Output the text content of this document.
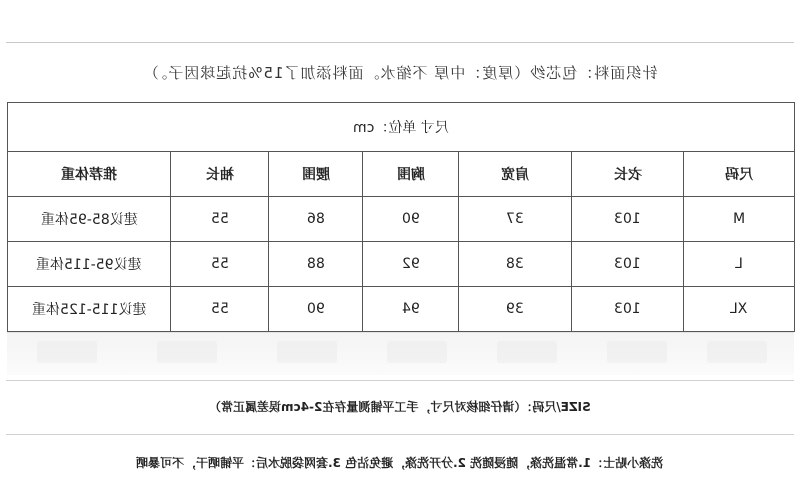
针织面料：包芯纱（厚度：中厚 不缩水。面料添加了15%抗起球因子。）
尺寸 单位：cm						
推荐体重	袖长	腰围	胸围	肩宽	衣长	尺码
建议85-95体重	55	86	90	37	103	M
建议95-115体重	55	88	92	38	103	L
建议115-125体重	55	90	94	39	103	XL
SIZE/尺码：（请仔细核对尺寸，手工平铺测量存在2-4cm误差属正常）
洗涤小贴士：1.常温洗涤，随浸随洗 2.分开洗涤，避免沾色 3.套网袋脱水后：平铺晒干，不可暴晒
